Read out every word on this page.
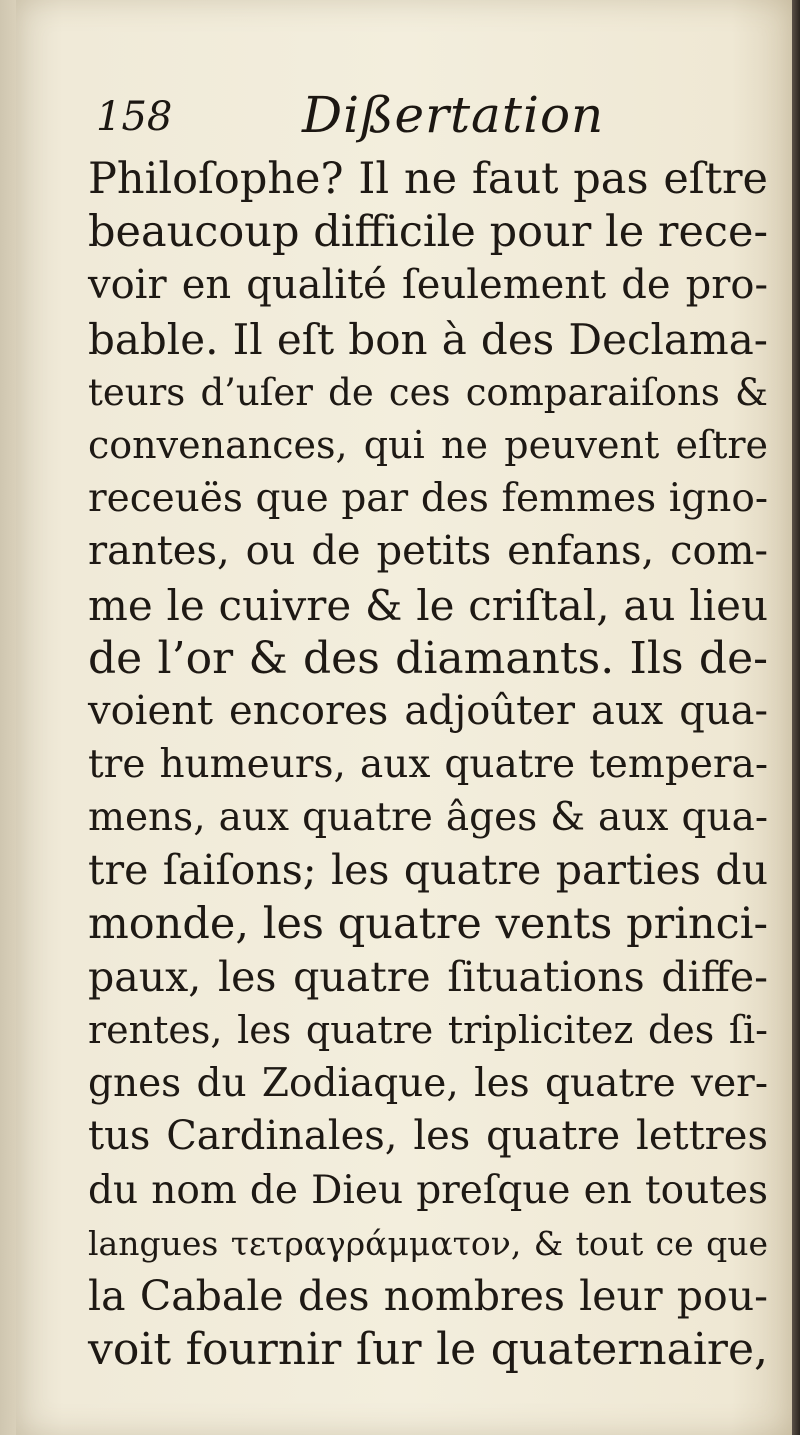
158	Dißertation
Philoſophe? Il ne faut pas eſtre
beaucoup difficile pour le rece-
voir en qualité ſeulement de pro-
bable. Il eſt bon à des Declama-
teurs d’uſer de ces comparaiſons &
convenances, qui ne peuvent eſtre
receuës que par des femmes igno-
rantes, ou de petits enfans, com-
me le cuivre & le criſtal, au lieu
de l’or & des diamants. Ils de-
voient encores adjoûter aux qua-
tre humeurs, aux quatre tempera-
mens, aux quatre âges & aux qua-
tre ſaiſons; les quatre parties du
monde, les quatre vents princi-
paux, les quatre ſituations diffe-
rentes, les quatre triplicitez des ſi-
gnes du Zodiaque, les quatre ver-
tus Cardinales, les quatre lettres
du nom de Dieu preſque en toutes
langues τετραγράμματον, & tout ce que
la Cabale des nombres leur pou-
voit fournir ſur le quaternaire,
